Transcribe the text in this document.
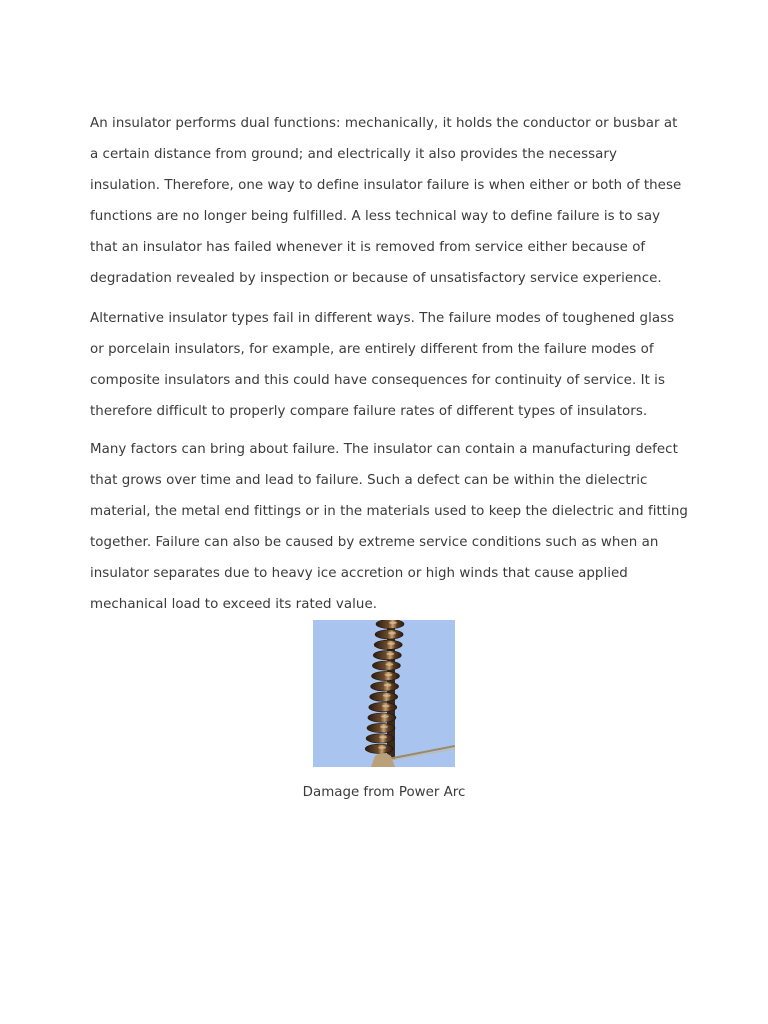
An insulator performs dual functions: mechanically, it holds the conductor or busbar at
a certain distance from ground; and electrically it also provides the necessary
insulation. Therefore, one way to define insulator failure is when either or both of these
functions are no longer being fulfilled. A less technical way to define failure is to say
that an insulator has failed whenever it is removed from service either because of
degradation revealed by inspection or because of unsatisfactory service experience.

Alternative insulator types fail in different ways. The failure modes of toughened glass
or porcelain insulators, for example, are entirely different from the failure modes of
composite insulators and this could have consequences for continuity of service. It is
therefore difficult to properly compare failure rates of different types of insulators.

Many factors can bring about failure. The insulator can contain a manufacturing defect
that grows over time and lead to failure. Such a defect can be within the dielectric
material, the metal end fittings or in the materials used to keep the dielectric and fitting
together. Failure can also be caused by extreme service conditions such as when an
insulator separates due to heavy ice accretion or high winds that cause applied
mechanical load to exceed its rated value.

Damage from Power Arc
